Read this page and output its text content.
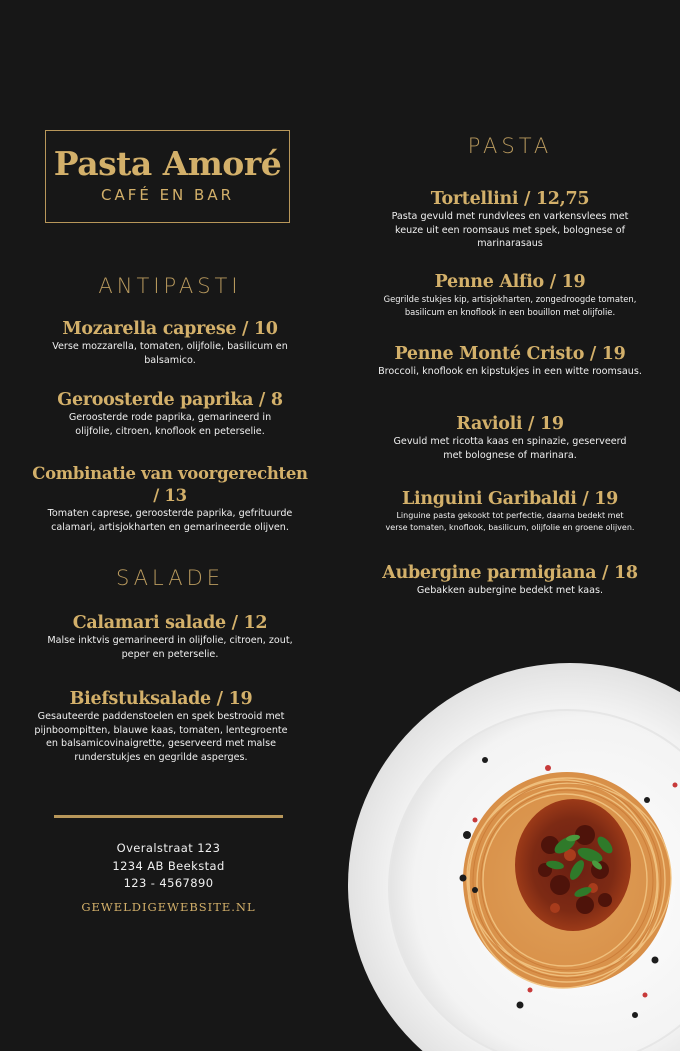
Pasta Amoré
CAFÉ EN BAR
ANTIPASTI
Mozarella caprese / 10
Verse mozzarella, tomaten, olijfolie, basilicum en balsamico.
Geroosterde paprika / 8
Geroosterde rode paprika, gemarineerd in olijfolie, citroen, knoflook en peterselie.
Combinatie van voorgerechten / 13
Tomaten caprese, geroosterde paprika, gefrituurde calamari, artisjokharten en gemarineerde olijven.
SALADE
Calamari salade / 12
Malse inktvis gemarineerd in olijfolie, citroen, zout, peper en peterselie.
Biefstuksalade / 19
Gesauteerde paddenstoelen en spek bestrooid met pijnboompitten, blauwe kaas, tomaten, lentegroente en balsamicovinaigrette, geserveerd met malse runderstukjes en gegrilde asperges.
Overalstraat 123
1234 AB Beekstad
123 - 4567890
GEWELDIGEWEBSITE.NL
PASTA
Tortellini / 12,75
Pasta gevuld met rundvlees en varkensvlees met keuze uit een roomsaus met spek, bolognese of marinarasaus
Penne Alfio / 19
Gegrilde stukjes kip, artisjokharten, zongedroogde tomaten, basilicum en knoflook in een bouillon met olijfolie.
Penne Monté Cristo / 19
Broccoli, knoflook en kipstukjes in een witte roomsaus.
Ravioli / 19
Gevuld met ricotta kaas en spinazie, geserveerd met bolognese of marinara.
Linguini Garibaldi / 19
Linguine pasta gekookt tot perfectie, daarna bedekt met verse tomaten, knoflook, basilicum, olijfolie en groene olijven.
Aubergine parmigiana / 18
Gebakken aubergine bedekt met kaas.
